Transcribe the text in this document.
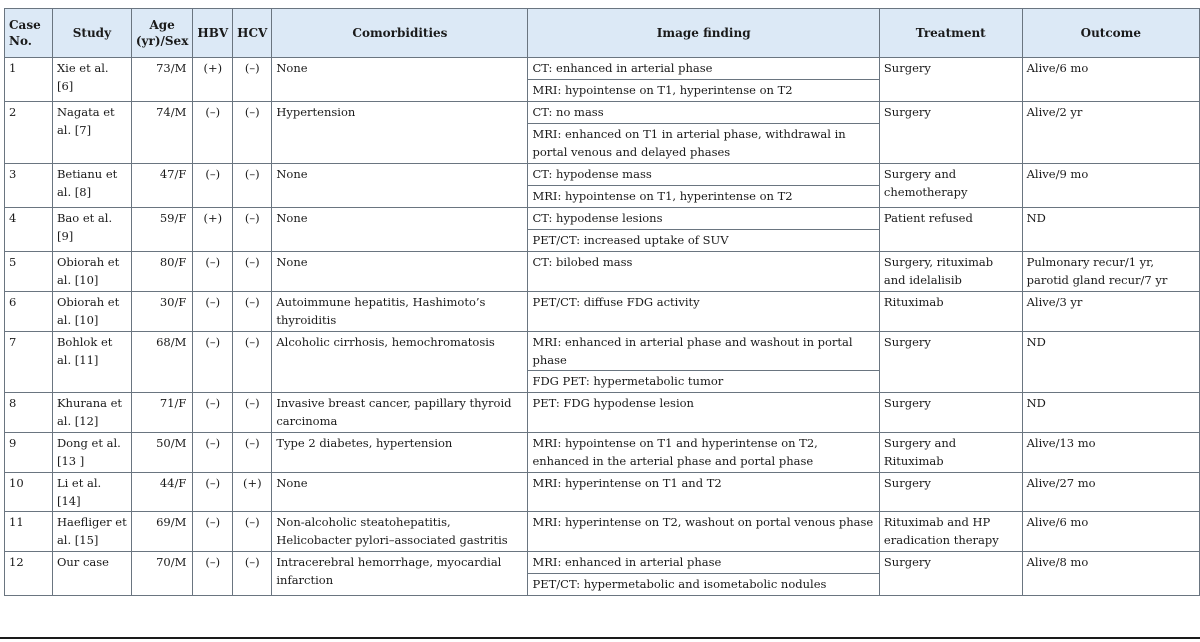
Case No.	Study	Age (yr)/Sex	HBV	HCV	Comorbidities	Image finding	Treatment	Outcome
1	Xie et al. [6]	73/M	(+)	(–)	None	CT: enhanced in arterial phase	Surgery	Alive/6 mo
						MRI: hypointense on T1, hyperintense on T2		
2	Nagata et al. [7]	74/M	(–)	(–)	Hypertension	CT: no mass	Surgery	Alive/2 yr
						MRI: enhanced on T1 in arterial phase, withdrawal in portal venous and delayed phases		
3	Betianu et al. [8]	47/F	(–)	(–)	None	CT: hypodense mass	Surgery and chemotherapy	Alive/9 mo
						MRI: hypointense on T1, hyperintense on T2		
4	Bao et al. [9]	59/F	(+)	(–)	None	CT: hypodense lesions	Patient refused	ND
						PET/CT: increased uptake of SUV		
5	Obiorah et al. [10]	80/F	(–)	(–)	None	CT: bilobed mass	Surgery, rituximab and idelalisib	Pulmonary recur/1 yr, parotid gland recur/7 yr
6	Obiorah et al. [10]	30/F	(–)	(–)	Autoimmune hepatitis, Hashimoto’s thyroiditis	PET/CT: diffuse FDG activity	Rituximab	Alive/3 yr
7	Bohlok et al. [11]	68/M	(–)	(–)	Alcoholic cirrhosis, hemochromatosis	MRI: enhanced in arterial phase and washout in portal phase	Surgery	ND
						FDG PET: hypermetabolic tumor		
8	Khurana et al. [12]	71/F	(–)	(–)	Invasive breast cancer, papillary thyroid carcinoma	PET: FDG hypodense lesion	Surgery	ND
9	Dong et al. [13 ]	50/M	(–)	(–)	Type 2 diabetes, hypertension	MRI: hypointense on T1 and hyperintense on T2, enhanced in the arterial phase and portal phase	Surgery and Rituximab	Alive/13 mo
10	Li et al. [14]	44/F	(–)	(+)	None	MRI: hyperintense on T1 and T2	Surgery	Alive/27 mo
11	Haefliger et al. [15]	69/M	(–)	(–)	Non-alcoholic steatohepatitis, Helicobacter pylori–associated gastritis	MRI: hyperintense on T2, washout on portal venous phase	Rituximab and HP eradication therapy	Alive/6 mo
12	Our case	70/M	(–)	(–)	Intracerebral hemorrhage, myocardial infarction	MRI: enhanced in arterial phase	Surgery	Alive/8 mo
						PET/CT: hypermetabolic and isometabolic nodules		
